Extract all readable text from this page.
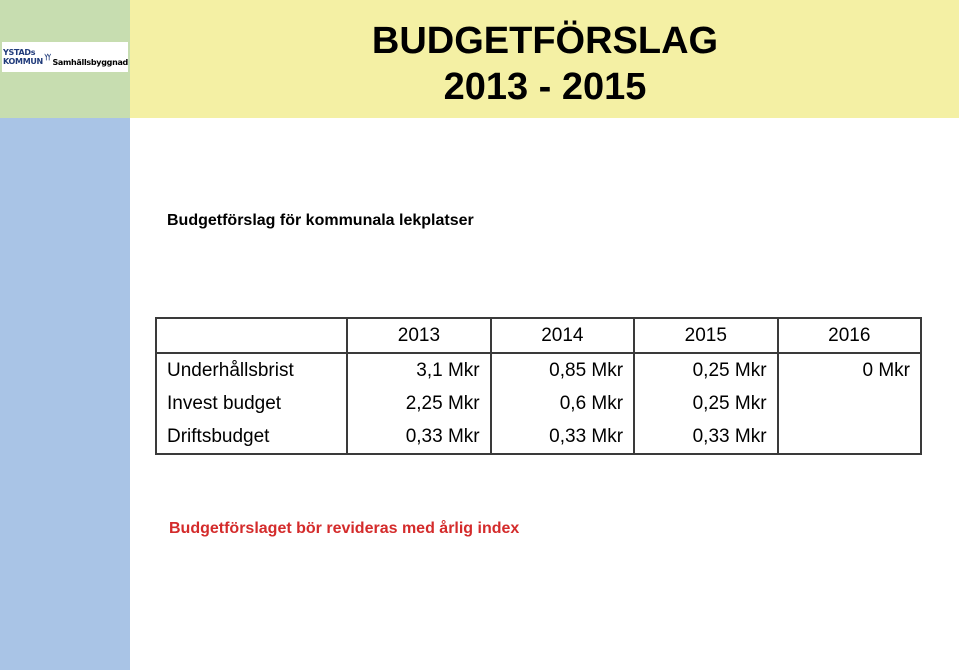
YSTADs
KOMMUN Samhällsbyggnad	BUDGETFÖRSLAG
2013 - 2015
Budgetförslag för kommunala lekplatser
	2013	2014	2015	2016
Underhållsbrist	3,1 Mkr	0,85 Mkr	0,25 Mkr	0 Mkr
Invest budget	2,25 Mkr	0,6 Mkr	0,25 Mkr	
Driftsbudget	0,33 Mkr	0,33 Mkr	0,33 Mkr	
Budgetförslaget bör revideras med årlig index
